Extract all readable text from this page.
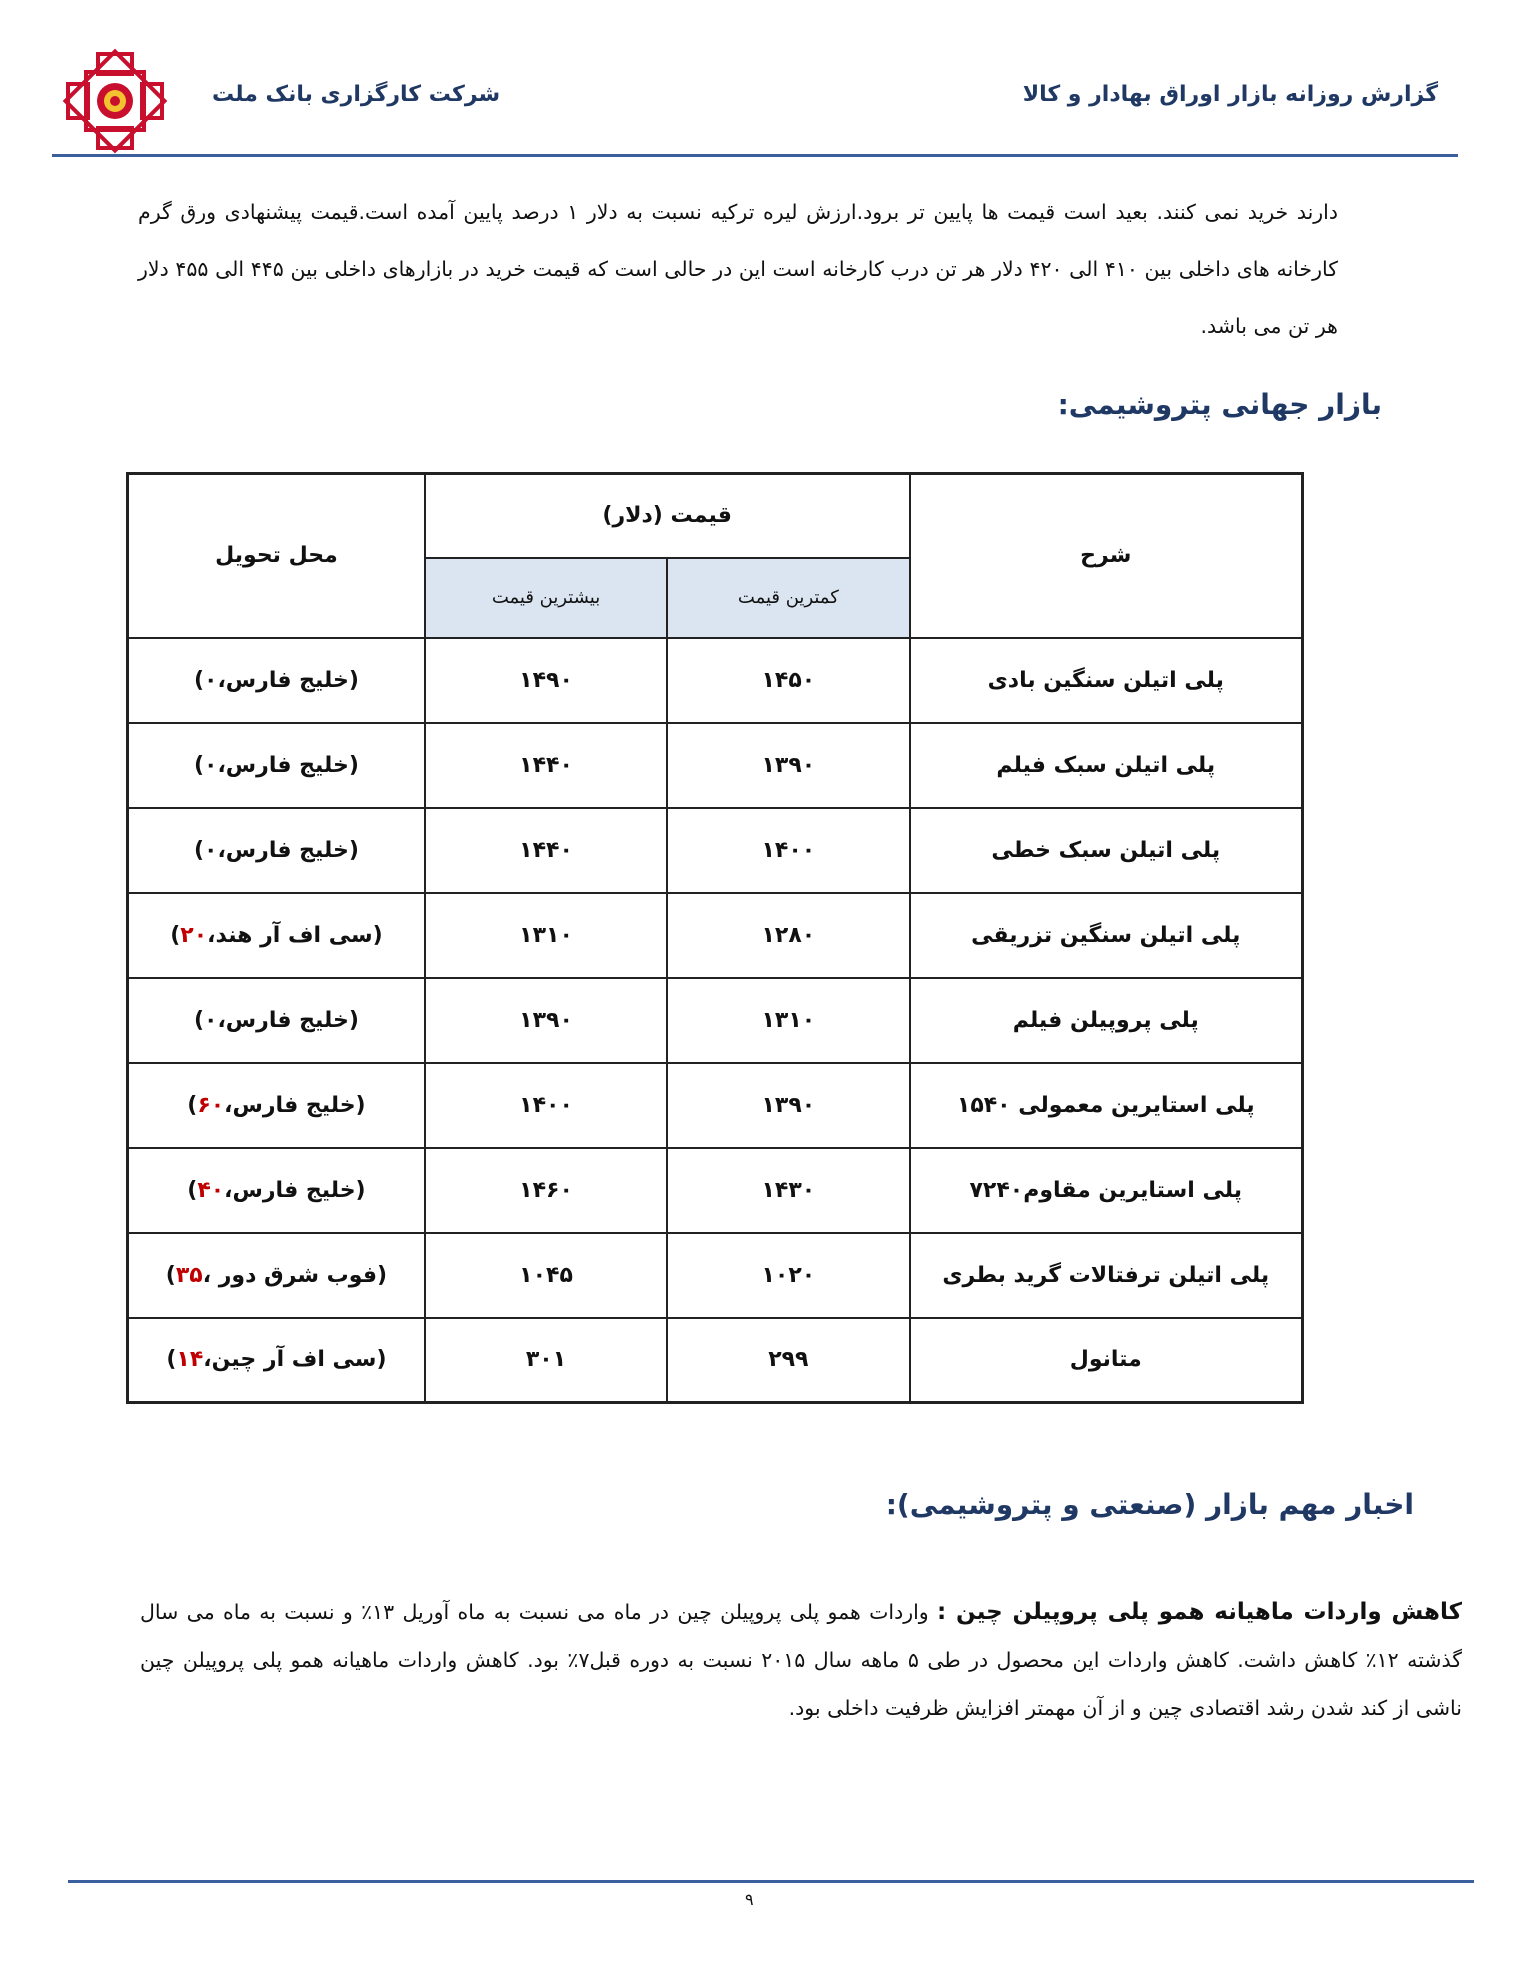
گزارش روزانه بازار اوراق بهادار و کالا
شرکت کارگزاری بانک ملت
دارند خرید نمی کنند. بعید است قیمت ها پایین تر برود.ارزش لیره ترکیه نسبت به دلار ۱ درصد پایین آمده است.قیمت پیشنهادی ورق گرم کارخانه های داخلی بین ۴۱۰ الی ۴۲۰ دلار هر تن درب کارخانه است این در حالی است که قیمت خرید در بازارهای داخلی بین ۴۴۵ الی ۴۵۵ دلار هر تن می باشد.
بازار جهانی پتروشیمی:
شرح	قیمت (دلار)		محل تحویل
	کمترین قیمت	بیشترین قیمت	
پلی اتیلن سنگین بادی	۱۴۵۰	۱۴۹۰	(خلیج فارس،۰)
پلی اتیلن سبک فیلم	۱۳۹۰	۱۴۴۰	(خلیج فارس،۰)
پلی اتیلن سبک خطی	۱۴۰۰	۱۴۴۰	(خلیج فارس،۰)
پلی اتیلن سنگین تزریقی	۱۲۸۰	۱۳۱۰	(سی اف آر هند،۲۰)
پلی پروپیلن فیلم	۱۳۱۰	۱۳۹۰	(خلیج فارس،۰)
پلی استایرین معمولی ۱۵۴۰	۱۳۹۰	۱۴۰۰	(خلیج فارس،۶۰)
پلی استایرین مقاوم۷۲۴۰	۱۴۳۰	۱۴۶۰	(خلیج فارس،۴۰)
پلی اتیلن ترفتالات گرید بطری	۱۰۲۰	۱۰۴۵	(فوب شرق دور ،۳۵)
متانول	۲۹۹	۳۰۱	(سی اف آر چین،۱۴)
اخبار مهم بازار (صنعتی و پتروشیمی):
کاهش واردات ماهیانه همو پلی پروپیلن چین : واردات همو پلی پروپیلن چین در ماه می نسبت به ماه آوریل ۱۳٪ و نسبت به ماه می سال گذشته ۱۲٪ کاهش داشت. کاهش واردات این محصول در طی ۵ ماهه سال ۲۰۱۵ نسبت به دوره قبل۷٪ بود. کاهش واردات ماهیانه همو پلی پروپیلن چین ناشی از کند شدن رشد اقتصادی چین و از آن مهمتر افزایش ظرفیت داخلی بود.
۹
